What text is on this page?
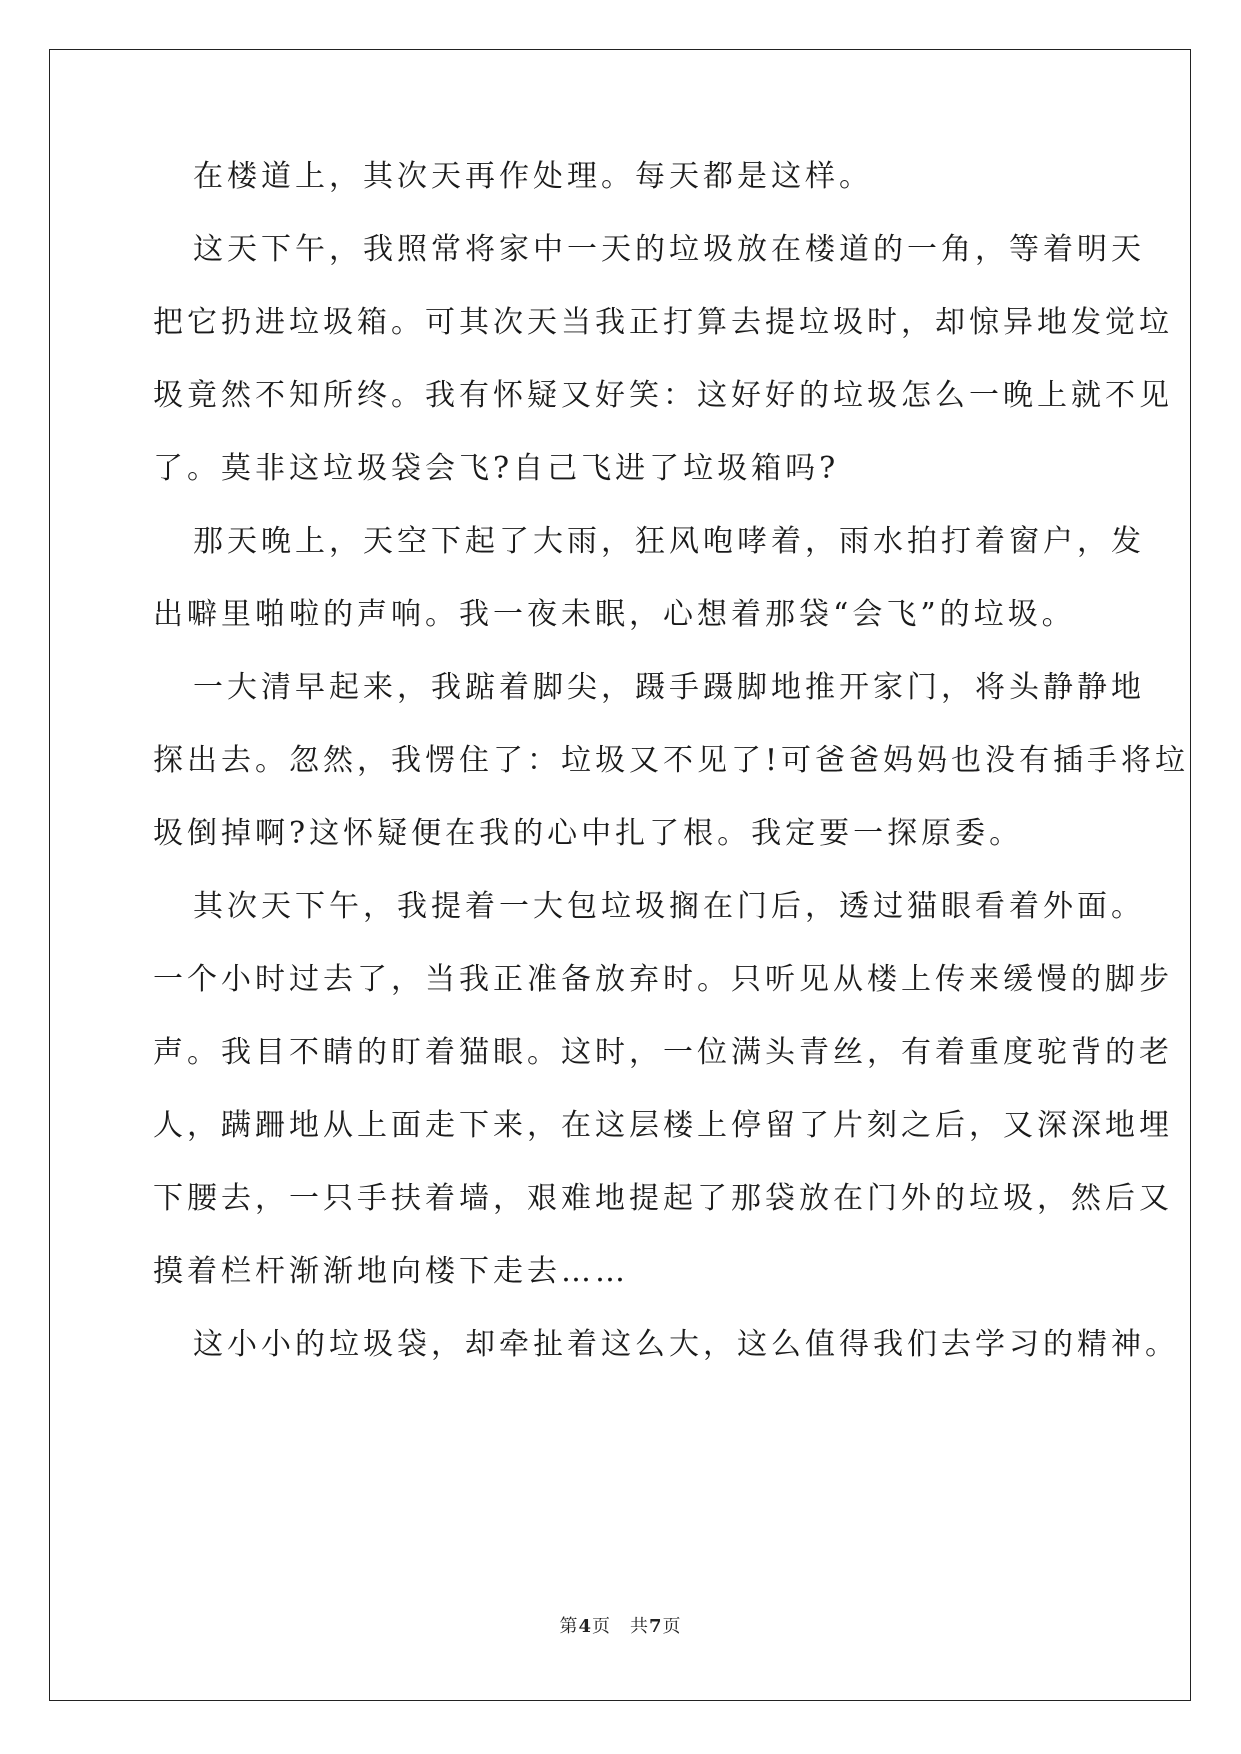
在楼道上，其次天再作处理。每天都是这样。
这天下午，我照常将家中一天的垃圾放在楼道的一角，等着明天
把它扔进垃圾箱。可其次天当我正打算去提垃圾时，却惊异地发觉垃
圾竟然不知所终。我有怀疑又好笑：这好好的垃圾怎么一晚上就不见
了。莫非这垃圾袋会飞?自己飞进了垃圾箱吗?
那天晚上，天空下起了大雨，狂风咆哮着，雨水拍打着窗户，发
出噼里啪啦的声响。我一夜未眠，心想着那袋“会飞”的垃圾。
一大清早起来，我踮着脚尖，蹑手蹑脚地推开家门，将头静静地
探出去。忽然，我愣住了：垃圾又不见了!可爸爸妈妈也没有插手将垃
圾倒掉啊?这怀疑便在我的心中扎了根。我定要一探原委。
其次天下午，我提着一大包垃圾搁在门后，透过猫眼看着外面。
一个小时过去了，当我正准备放弃时。只听见从楼上传来缓慢的脚步
声。我目不睛的盯着猫眼。这时，一位满头青丝，有着重度驼背的老
人，蹒跚地从上面走下来，在这层楼上停留了片刻之后，又深深地埋
下腰去，一只手扶着墙，艰难地提起了那袋放在门外的垃圾，然后又
摸着栏杆渐渐地向楼下走去……
这小小的垃圾袋，却牵扯着这么大，这么值得我们去学习的精神。
第4页　共7页
